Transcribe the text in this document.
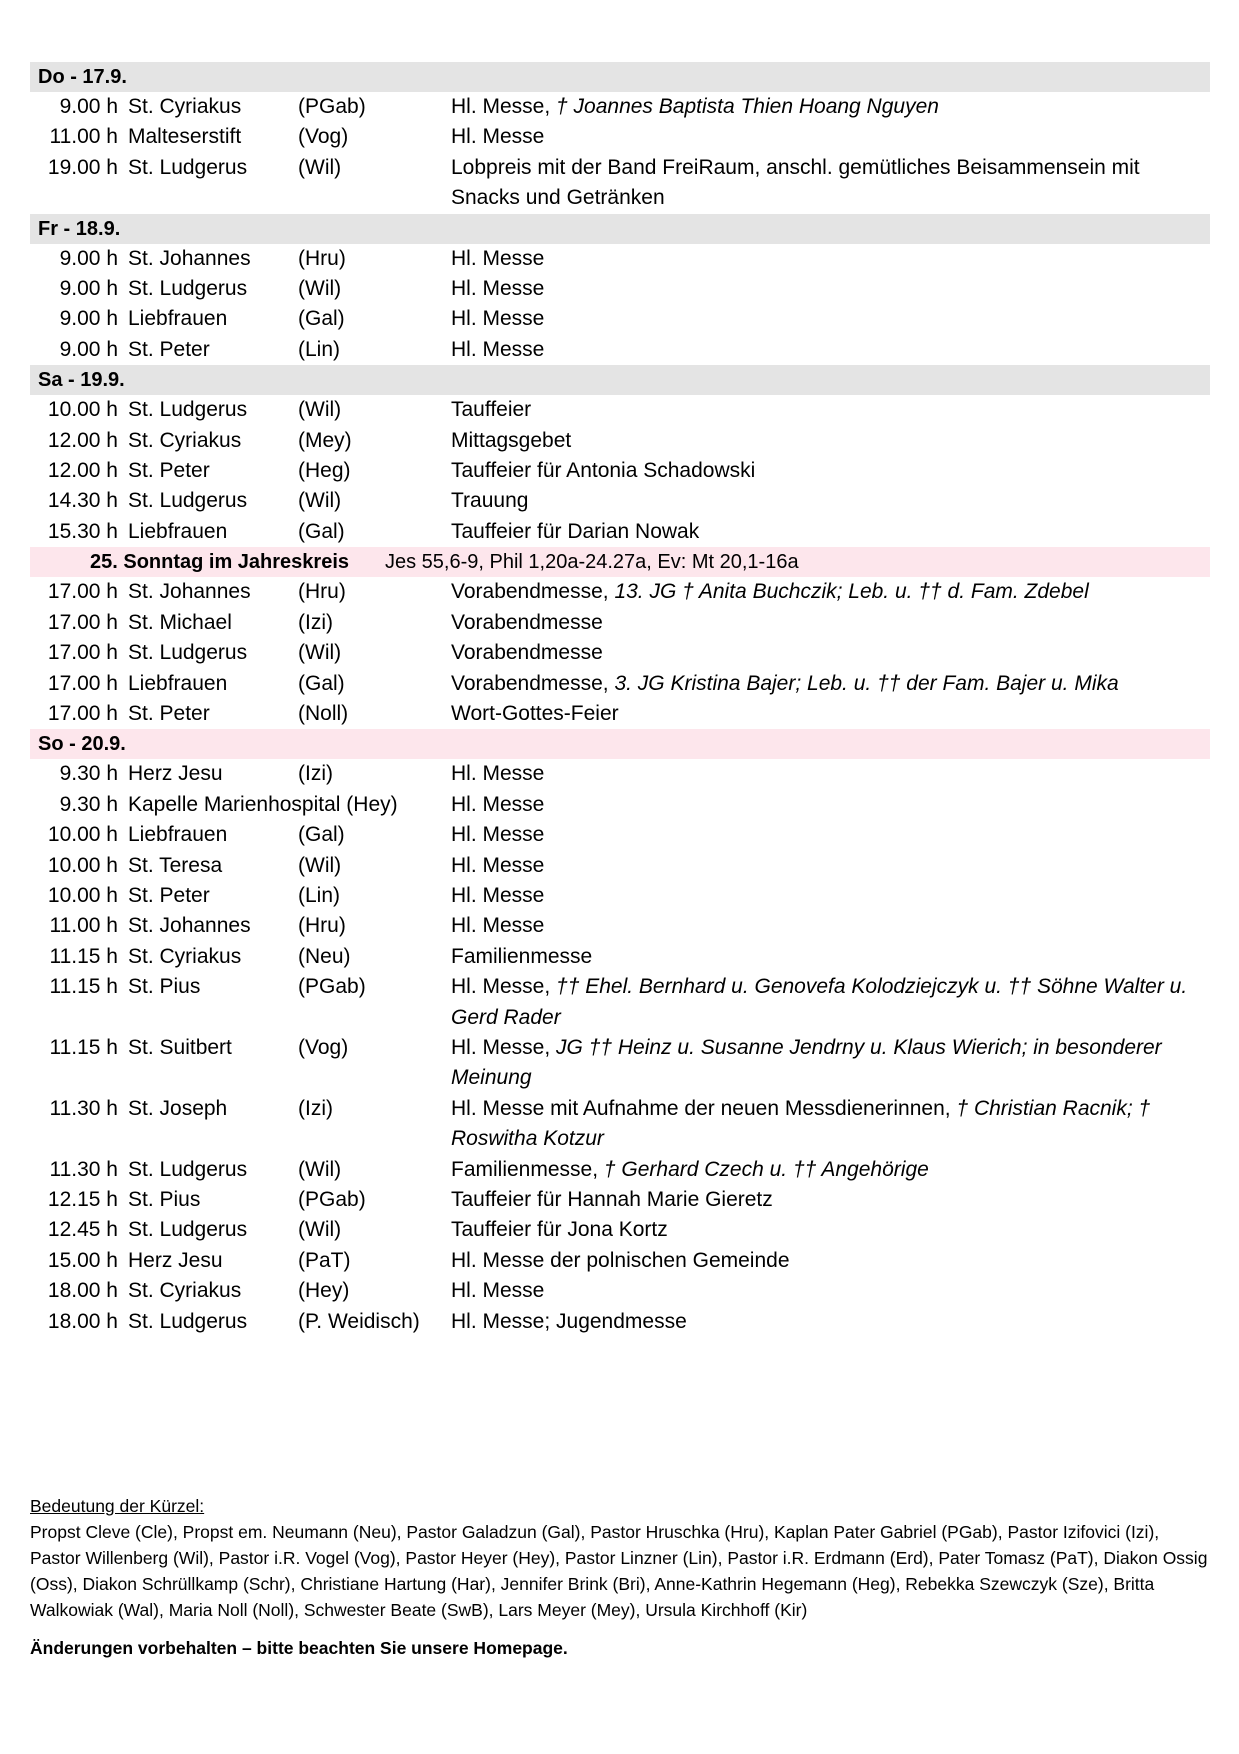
Do - 17.9.
9.00 h St. Cyriakus	(PGab)	Hl. Messe, † Joannes Baptista Thien Hoang Nguyen
11.00 h Malteserstift	(Vog)	Hl. Messe
19.00 h St. Ludgerus	(Wil)	Lobpreis mit der Band FreiRaum, anschl. gemütliches Beisammensein mit Snacks und Getränken
Fr - 18.9.
9.00 h St. Johannes	(Hru)	Hl. Messe
9.00 h St. Ludgerus	(Wil)	Hl. Messe
9.00 h Liebfrauen	(Gal)	Hl. Messe
9.00 h St. Peter	(Lin)	Hl. Messe
Sa - 19.9.
10.00 h St. Ludgerus	(Wil)	Tauffeier
12.00 h St. Cyriakus	(Mey)	Mittagsgebet
12.00 h St. Peter	(Heg)	Tauffeier für Antonia Schadowski
14.30 h St. Ludgerus	(Wil)	Trauung
15.30 h Liebfrauen	(Gal)	Tauffeier für Darian Nowak
25. Sonntag im Jahreskreis	Jes 55,6-9, Phil 1,20a-24.27a, Ev: Mt 20,1-16a
17.00 h St. Johannes	(Hru)	Vorabendmesse, 13. JG † Anita Buchczik; Leb. u. †† d. Fam. Zdebel
17.00 h St. Michael	(Izi)	Vorabendmesse
17.00 h St. Ludgerus	(Wil)	Vorabendmesse
17.00 h Liebfrauen	(Gal)	Vorabendmesse, 3. JG Kristina Bajer; Leb. u. †† der Fam. Bajer u. Mika
17.00 h St. Peter	(Noll)	Wort-Gottes-Feier
So - 20.9.
9.30 h Herz Jesu	(Izi)	Hl. Messe
9.30 h Kapelle Marienhospital (Hey)	Hl. Messe
10.00 h Liebfrauen	(Gal)	Hl. Messe
10.00 h St. Teresa	(Wil)	Hl. Messe
10.00 h St. Peter	(Lin)	Hl. Messe
11.00 h St. Johannes	(Hru)	Hl. Messe
11.15 h St. Cyriakus	(Neu)	Familienmesse
11.15 h St. Pius	(PGab)	Hl. Messe, †† Ehel. Bernhard u. Genovefa Kolodziejczyk u. †† Söhne Walter u. Gerd Rader
11.15 h St. Suitbert	(Vog)	Hl. Messe, JG †† Heinz u. Susanne Jendrny u. Klaus Wierich; in besonderer Meinung
11.30 h St. Joseph	(Izi)	Hl. Messe mit Aufnahme der neuen Messdienerinnen, † Christian Racnik; † Roswitha Kotzur
11.30 h St. Ludgerus	(Wil)	Familienmesse, † Gerhard Czech u. †† Angehörige
12.15 h St. Pius	(PGab)	Tauffeier für Hannah Marie Gieretz
12.45 h St. Ludgerus	(Wil)	Tauffeier für Jona Kortz
15.00 h Herz Jesu	(PaT)	Hl. Messe der polnischen Gemeinde
18.00 h St. Cyriakus	(Hey)	Hl. Messe
18.00 h St. Ludgerus	(P. Weidisch)	Hl. Messe; Jugendmesse
Bedeutung der Kürzel:
Propst Cleve (Cle), Propst em. Neumann (Neu), Pastor Galadzun (Gal), Pastor Hruschka (Hru), Kaplan Pater Gabriel (PGab), Pastor Izifovici (Izi), Pastor Willenberg (Wil), Pastor i.R. Vogel (Vog), Pastor Heyer (Hey), Pastor Linzner (Lin), Pastor i.R. Erdmann (Erd), Pater Tomasz (PaT), Diakon Ossig (Oss), Diakon Schrüllkamp (Schr), Christiane Hartung (Har), Jennifer Brink (Bri), Anne-Kathrin Hegemann (Heg), Rebekka Szewczyk (Sze), Britta Walkowiak (Wal), Maria Noll (Noll), Schwester Beate (SwB), Lars Meyer (Mey), Ursula Kirchhoff (Kir)
Änderungen vorbehalten – bitte beachten Sie unsere Homepage.
